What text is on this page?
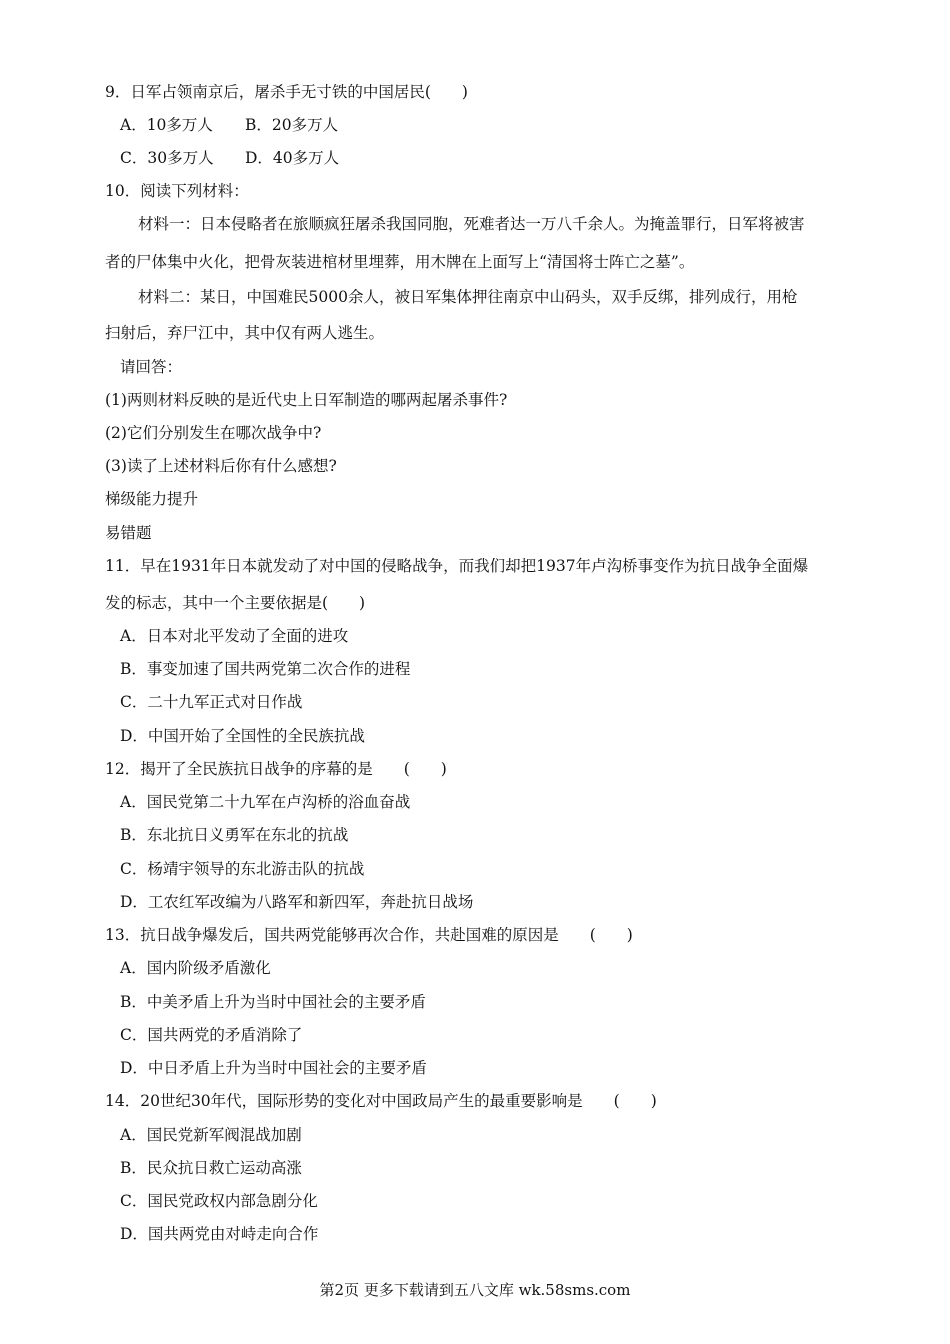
9．日军占领南京后，屠杀手无寸铁的中国居民(　　)
A．10多万人 B．20多万人
C．30多万人 D．40多万人
10．阅读下列材料：
材料一：日本侵略者在旅顺疯狂屠杀我国同胞，死难者达一万八千余人。为掩盖罪行，日军将被害
者的尸体集中火化，把骨灰装进棺材里埋葬，用木牌在上面写上“清国将士阵亡之墓”。
材料二：某日，中国难民5000余人，被日军集体押往南京中山码头，双手反绑，排列成行，用枪
扫射后，弃尸江中，其中仅有两人逃生。
请回答：
(1)两则材料反映的是近代史上日军制造的哪两起屠杀事件?
(2)它们分别发生在哪次战争中?
(3)读了上述材料后你有什么感想?
梯级能力提升
易错题
11．早在1931年日本就发动了对中国的侵略战争，而我们却把1937年卢沟桥事变作为抗日战争全面爆
发的标志，其中一个主要依据是(　　)
A．日本对北平发动了全面的进攻
B．事变加速了国共两党第二次合作的进程
C．二十九军正式对日作战
D．中国开始了全国性的全民族抗战
12．揭开了全民族抗日战争的序幕的是　　(　　)
A．国民党第二十九军在卢沟桥的浴血奋战
B．东北抗日义勇军在东北的抗战
C．杨靖宇领导的东北游击队的抗战
D．工农红军改编为八路军和新四军，奔赴抗日战场
13．抗日战争爆发后，国共两党能够再次合作，共赴国难的原因是　　(　　)
A．国内阶级矛盾激化
B．中美矛盾上升为当时中国社会的主要矛盾
C．国共两党的矛盾消除了
D．中日矛盾上升为当时中国社会的主要矛盾
14．20世纪30年代，国际形势的变化对中国政局产生的最重要影响是　　(　　)
A．国民党新军阀混战加剧
B．民众抗日救亡运动高涨
C．国民党政权内部急剧分化
D．国共两党由对峙走向合作
第2页 更多下载请到五八文库 wk.58sms.com
